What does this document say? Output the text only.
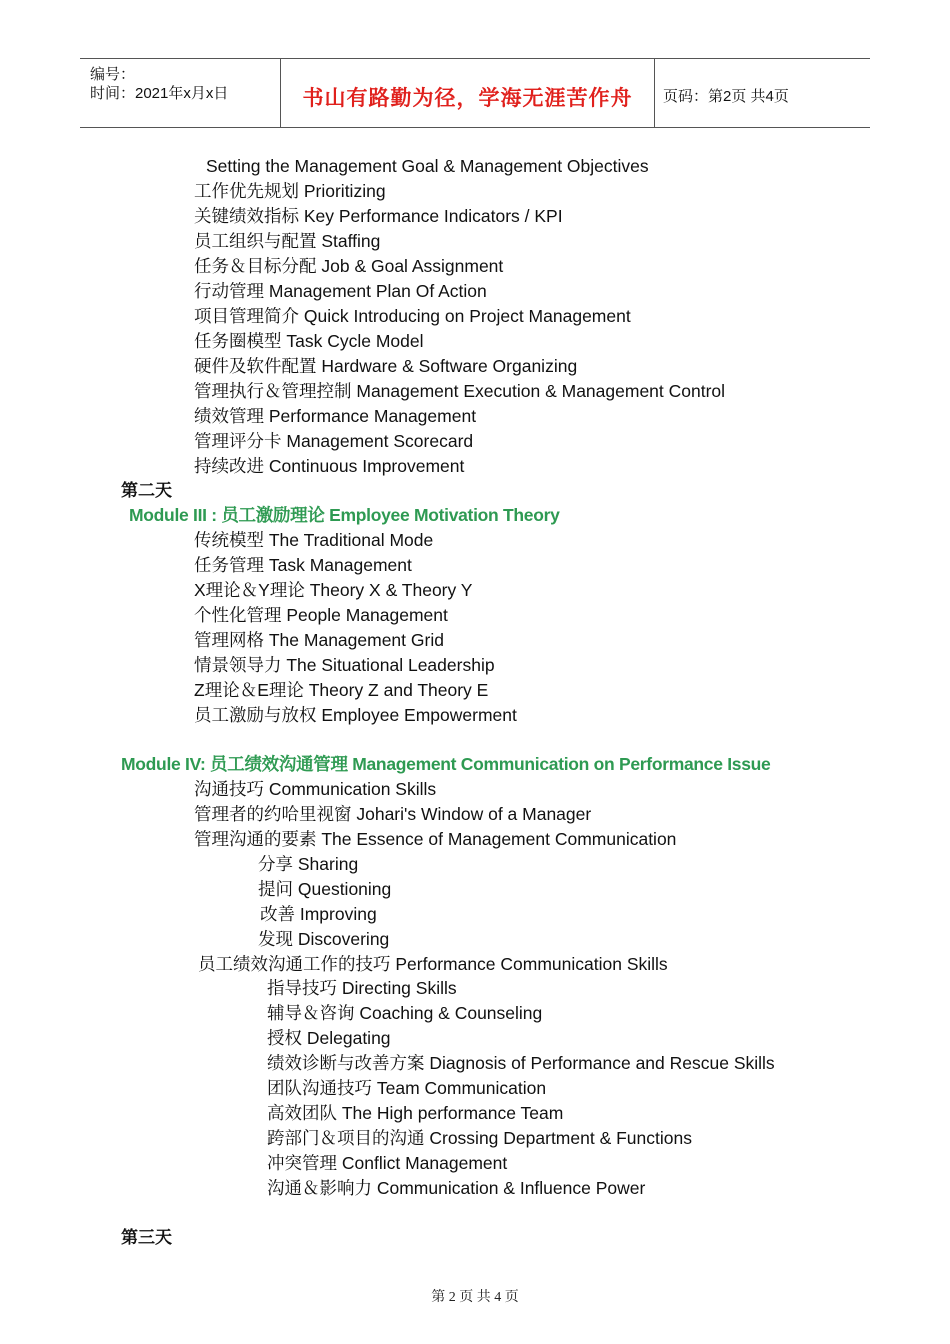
编号：
时间：2021年x月x日	书山有路勤为径，学海无涯苦作舟	页码：第2页 共4页
Setting the Management Goal & Management Objectives
工作优先规划 Prioritizing
关键绩效指标 Key Performance Indicators / KPI
员工组织与配置 Staffing
任务＆目标分配 Job & Goal Assignment
行动管理 Management Plan Of Action
项目管理简介 Quick Introducing on Project Management
任务圈模型 Task Cycle Model
硬件及软件配置 Hardware & Software Organizing
管理执行＆管理控制 Management Execution & Management Control
绩效管理 Performance Management
管理评分卡 Management Scorecard
持续改进 Continuous Improvement
第二天
Module III : 员工激励理论 Employee Motivation Theory
传统模型 The Traditional Mode
任务管理 Task Management
X理论＆Y理论 Theory X & Theory Y
个性化管理 People Management
管理网格 The Management Grid
情景领导力 The Situational Leadership
Z理论＆E理论 Theory Z and Theory E
员工激励与放权 Employee Empowerment
Module IV: 员工绩效沟通管理 Management Communication on Performance Issue
沟通技巧 Communication Skills
管理者的约哈里视窗 Johari's Window of a Manager
管理沟通的要素 The Essence of Management Communication
分享 Sharing
提问 Questioning
改善 Improving
发现 Discovering
员工绩效沟通工作的技巧 Performance Communication Skills
指导技巧 Directing Skills
辅导＆咨询 Coaching & Counseling
授权 Delegating
绩效诊断与改善方案 Diagnosis of Performance and Rescue Skills
团队沟通技巧 Team Communication
高效团队 The High performance Team
跨部门＆项目的沟通 Crossing Department & Functions
冲突管理 Conflict Management
沟通＆影响力 Communication & Influence Power
第三天
第 2 页 共 4 页
